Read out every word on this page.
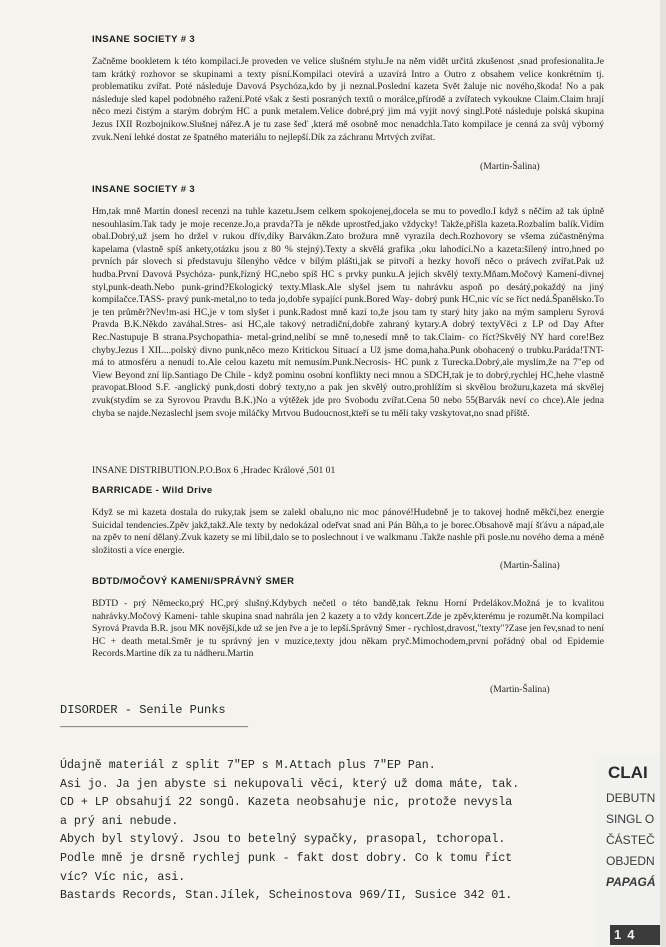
INSANE SOCIETY # 3
Začněme bookletem k této kompilaci.Je proveden ve velice slušném stylu.Je na něm vidět určitá zkušenost ,snad profesionalita.Je tam krátký rozhovor se skupinami a texty písní.Kompilaci otevírá a uzavírá Intro a Outro z obsahem velice konkrétním tj. problematiku zvířat. Poté následuje Davová Psychóza,kdo by ji neznal.Poslední kazeta Svět žaluje nic nového,škoda! No a pak následuje sled kapel podobného ražení.Poté však z šesti posraných textů o morálce,přírodě a zvířatech vykoukne Claim.Claim hrají něco mezi čistým a starým dobrým HC a punk metalem.Velice dobré,prý jim má vyjít nový singl.Poté následuje polská skupina Jezus IXII Rozbojnikow.Slušnej nářez.A je tu zase šeď ,která mě osobně moc nenadchla.Tato kompilace je cenná za svůj výborný zvuk.Není lehké dostat ze špatného materiálu to nejlepší.Dík za záchranu Mrtvých zvířat.
(Martin-Šalina)
INSANE SOCIETY # 3
Hm,tak mně Martin donesl recenzi na tuhle kazetu.Jsem celkem spokojenej,docela se mu to povedlo.I když s něčím až tak úplně nesouhlasím.Tak tady je moje recenze.Jo,a pravda?Ta je někde uprostřed,jako vždycky! Takže,přišla kazeta.Rozbalím balík.Vidím obal.Dobrý,už jsem ho držel v rukou dřív,díky Barvákm.Zato brožura mně vyrazila dech.Rozhovory se všema zúčastněnýma kapelama (vlastně spíš ankety,otázku jsou z 80 % stejný).Texty a skvělá grafika ,oku lahodící.No a kazeta:šílený intro,hned po prvních pár slovech si představuju šílenýho vědce v bílým plášti,jak se pitvoří a hezky hovoří něco o právech zvířat.Pak už hudba.První Davová Psychóza- punk,řízný HC,nebo spíš HC s prvky punku.A jejich skvělý texty.Mňam.Močový Kamení-divnej styl,punk-death.Nebo punk-grind?Ekologický texty.Mlask.Ale slyšel jsem tu nahrávku aspoň po desátý,pokaždý na jiný kompilačce.TASS- pravý punk-metal,no to teda jo,dobře sypající punk.Bored Way- dobrý punk HC,nic víc se říct nedá.Španělsko.To je ten průměr?Nev!m-asi HC,je v tom slyšet i punk.Radost mně kazí to,že jsou tam ty starý hity jako na mým sampleru Syrová Pravda B.K.Někdo zaváhal.Stres- asi HC,ale takový netradiční,dobře zahraný kytary.A dobrý textyVěci z LP od Day After Rec.Nastupuje B strana.Psychopathia- metal-grind,nelíbí se mně to,nesedí mně to tak.Claim- co říct?Skvělý NY hard core!Bez chyby.Jezus I XIL...polský divno punk,něco mezo Kritickou Situací a Už jsme doma,haha.Punk obohacený o trubku.Paráda!TNT- má to atmosféru a nenudí to.Ale celou kazetu mít nemusím.Punk.Necrosis- HC punk z Turecka.Dobrý,ale myslím,že na 7"ep od View Beyond zní líp.Santiago De Chile - když pominu osobní konflikty neci mnou a SDCH,tak je to dobrý,rychlej HC,hehe vlastně pravopat.Blood S.F. -anglický punk,dosti dobrý texty,no a pak jen skvělý outro,prohlížím si skvělou brožuru,kazeta má skvělej zvuk(stydím se za Syrovou Pravdu B.K.)No a výtěžek jde pro Svobodu zvířat.Cena 50 nebo 55(Barvák neví co chce).Ale jedna chyba se najde.Nezaslechl jsem svoje miláčky Mrtvou Budoucnost,kteří se tu měli taky vzskytovat,no snad příště.
INSANE DISTRIBUTION.P.O.Box 6 ,Hradec Králové ,501 01
BARRICADE - Wild Drive
Když se mi kazeta dostala do ruky,tak jsem se zalekl obalu,no nic moc pánové!Hudebně je to takovej hodně měkčí,bez energie Suicidal tendencies.Zpěv jakž,takž.Ale texty by nedokázal odeřvat snad ani Pán Bůh,a to je borec.Obsahově mají šťávu a nápad,ale na zpěv to není dělaný.Zvuk kazety se mi líbil,dalo se to poslechnout i ve walkmanu .Takže nashle při posle.nu nového dema a méně složitosti a více energie.
(Martin-Šalina)
BDTD/MOČOVÝ KAMENI/SPRÁVNÝ SMER
BDTD - prý Německo,prý HC,prý slušný.Kdybych nečetl o této bandě,tak řeknu Horní Prdelákov.Možná je to kvalitou nahrávky.Močový Kameni- tahle skupina snad nahrála jen 2 kazety a to vždy koncert.Zde je zpěv,kterému je rozumět.Na kompilaci Syrová Pravda B.R. jsou MK novější,kde už se jen řve a je to lepší.Správný Smer - rychlost,dravost,"texty"?Zase jen řev,snad to není HC + death metal.Směr je tu správný jen v muzice,texty jdou někam pryč.Mimochodem,první pořádný obal od Epidemie Records.Martine dík za tu nádheru.Martin
(Martin-Šalina)
DISORDER - Senile Punks
____________________________
Údajně materiál z split 7"EP s M.Attach plus 7"EP Pan.
Asi jo. Ja jen abyste si nekupovali věci, který už doma máte, tak.
CD + LP obsahují 22 songů. Kazeta neobsahuje nic, protože nevysla
a prý ani nebude.
Abych byl stylový. Jsou to betelný sypačky, prasopal, tchoropal.
Podle mně je drsně rychlej punk - fakt dost dobry. Co k tomu říct
víc? Víc nic, asi.
Bastards Records, Stan.Jílek, Scheinostova 969/II, Susice 342 01.
CLAI
DEBUTN
SINGL O
ČÁSTEČ
OBJEDN
PAPAGÁ
14
